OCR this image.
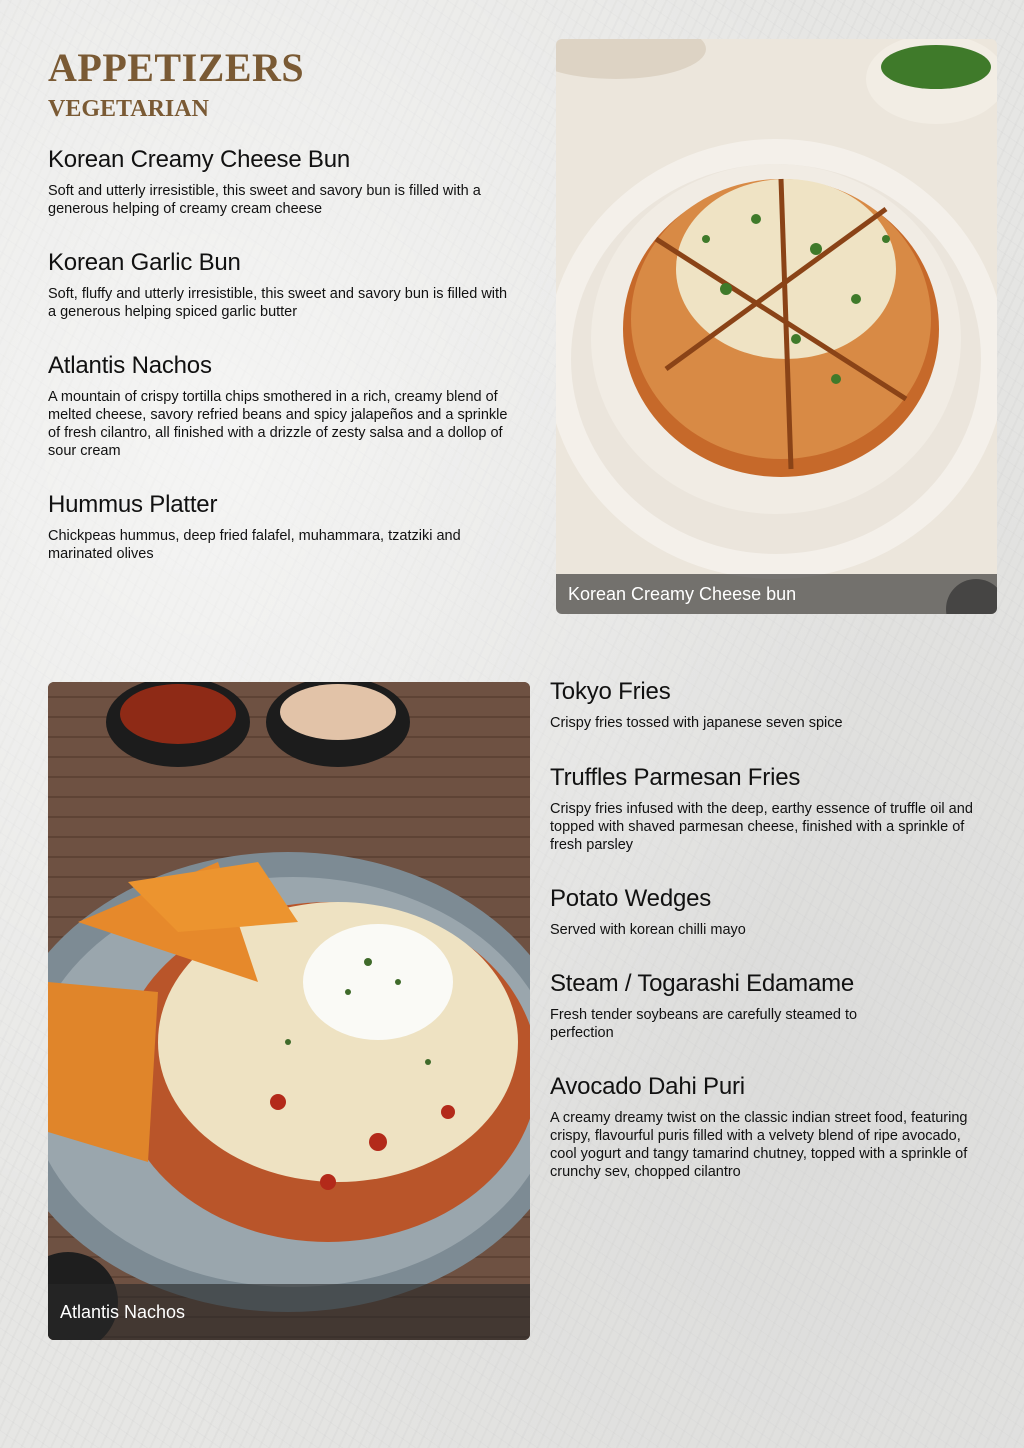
APPETIZERS
VEGETARIAN
Korean Creamy Cheese Bun

Soft and utterly irresistible, this sweet and savory bun is filled with a generous helping of creamy cream cheese

Korean Garlic Bun

Soft, fluffy and utterly irresistible, this sweet and savory bun is filled with a generous helping spiced garlic butter

Atlantis Nachos

A mountain of crispy tortilla chips smothered in a rich, creamy blend of melted cheese, savory refried beans and spicy jalapeños and a sprinkle of fresh cilantro, all finished with a drizzle of zesty salsa and a dollop of sour cream

Hummus Platter

Chickpeas hummus, deep fried falafel, muhammara, tzatziki and marinated olives

Korean Creamy Cheese bun
Atlantis Nachos
Tokyo Fries

Crispy fries tossed with japanese seven spice

Truffles Parmesan Fries

Crispy fries infused with the deep, earthy essence of truffle oil and topped with shaved parmesan cheese, finished with a sprinkle of fresh parsley

Potato Wedges

Served with korean chilli mayo

Steam / Togarashi Edamame

Fresh tender soybeans are carefully steamed to perfection

Avocado Dahi Puri

A creamy dreamy twist on the classic indian street food, featuring crispy, flavourful puris filled with a velvety blend of ripe avocado, cool yogurt and tangy tamarind chutney, topped with a sprinkle of crunchy sev, chopped cilantro
